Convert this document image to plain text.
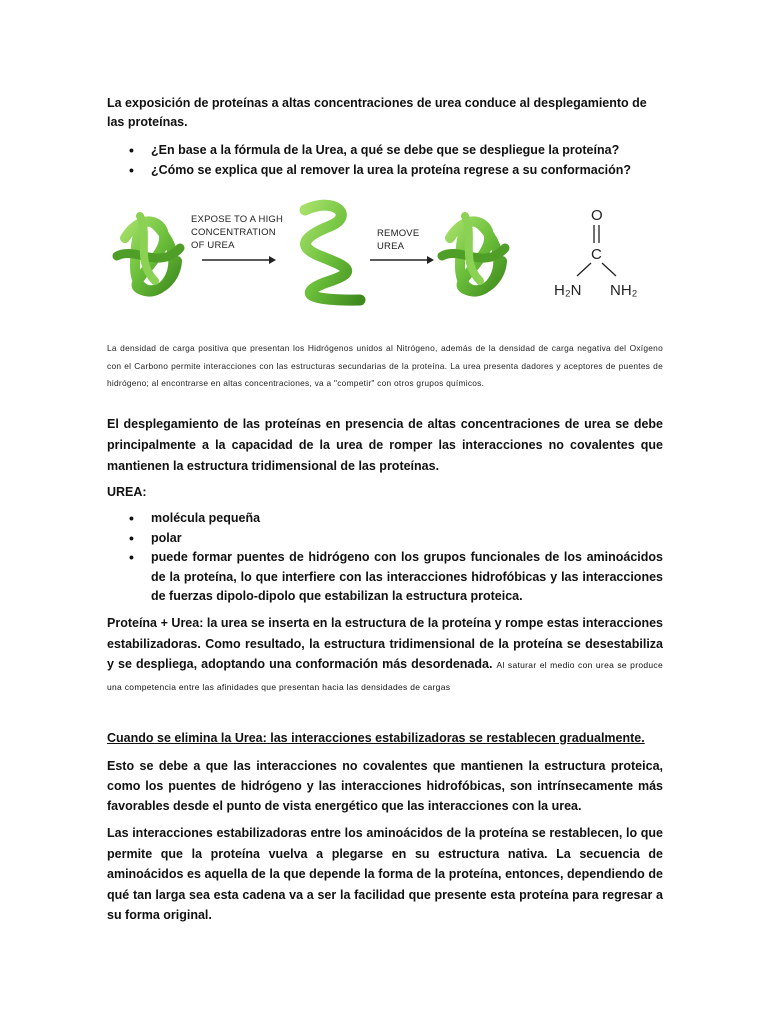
La exposición de proteínas a altas concentraciones de urea conduce al desplegamiento de las proteínas.
• ¿En base a la fórmula de la Urea, a qué se debe que se despliegue la proteína?
• ¿Cómo se explica que al remover la urea la proteína regrese a su conformación?
EXPOSE TO A HIGH
CONCENTRATION
OF UREA
REMOVE
UREA
O
C
H₂N NH₂
La densidad de carga positiva que presentan los Hidrógenos unidos al Nitrógeno, además de la densidad de carga negativa del Oxígeno con el Carbono permite interacciones con las estructuras secundarias de la proteína. La urea presenta dadores y aceptores de puentes de hidrógeno; al encontrarse en altas concentraciones, va a "competir" con otros grupos químicos.
El desplegamiento de las proteínas en presencia de altas concentraciones de urea se debe principalmente a la capacidad de la urea de romper las interacciones no covalentes que mantienen la estructura tridimensional de las proteínas.
UREA:
• molécula pequeña
• polar
• puede formar puentes de hidrógeno con los grupos funcionales de los aminoácidos de la proteína, lo que interfiere con las interacciones hidrofóbicas y las interacciones de fuerzas dipolo-dipolo que estabilizan la estructura proteica.
Proteína + Urea: la urea se inserta en la estructura de la proteína y rompe estas interacciones estabilizadoras. Como resultado, la estructura tridimensional de la proteína se desestabiliza y se despliega, adoptando una conformación más desordenada. Al saturar el medio con urea se produce una competencia entre las afinidades que presentan hacia las densidades de cargas
Cuando se elimina la Urea: las interacciones estabilizadoras se restablecen gradualmente.
Esto se debe a que las interacciones no covalentes que mantienen la estructura proteica, como los puentes de hidrógeno y las interacciones hidrofóbicas, son intrínsecamente más favorables desde el punto de vista energético que las interacciones con la urea.
Las interacciones estabilizadoras entre los aminoácidos de la proteína se restablecen, lo que permite que la proteína vuelva a plegarse en su estructura nativa. La secuencia de aminoácidos es aquella de la que depende la forma de la proteína, entonces, dependiendo de qué tan larga sea esta cadena va a ser la facilidad que presente esta proteína para regresar a su forma original.
